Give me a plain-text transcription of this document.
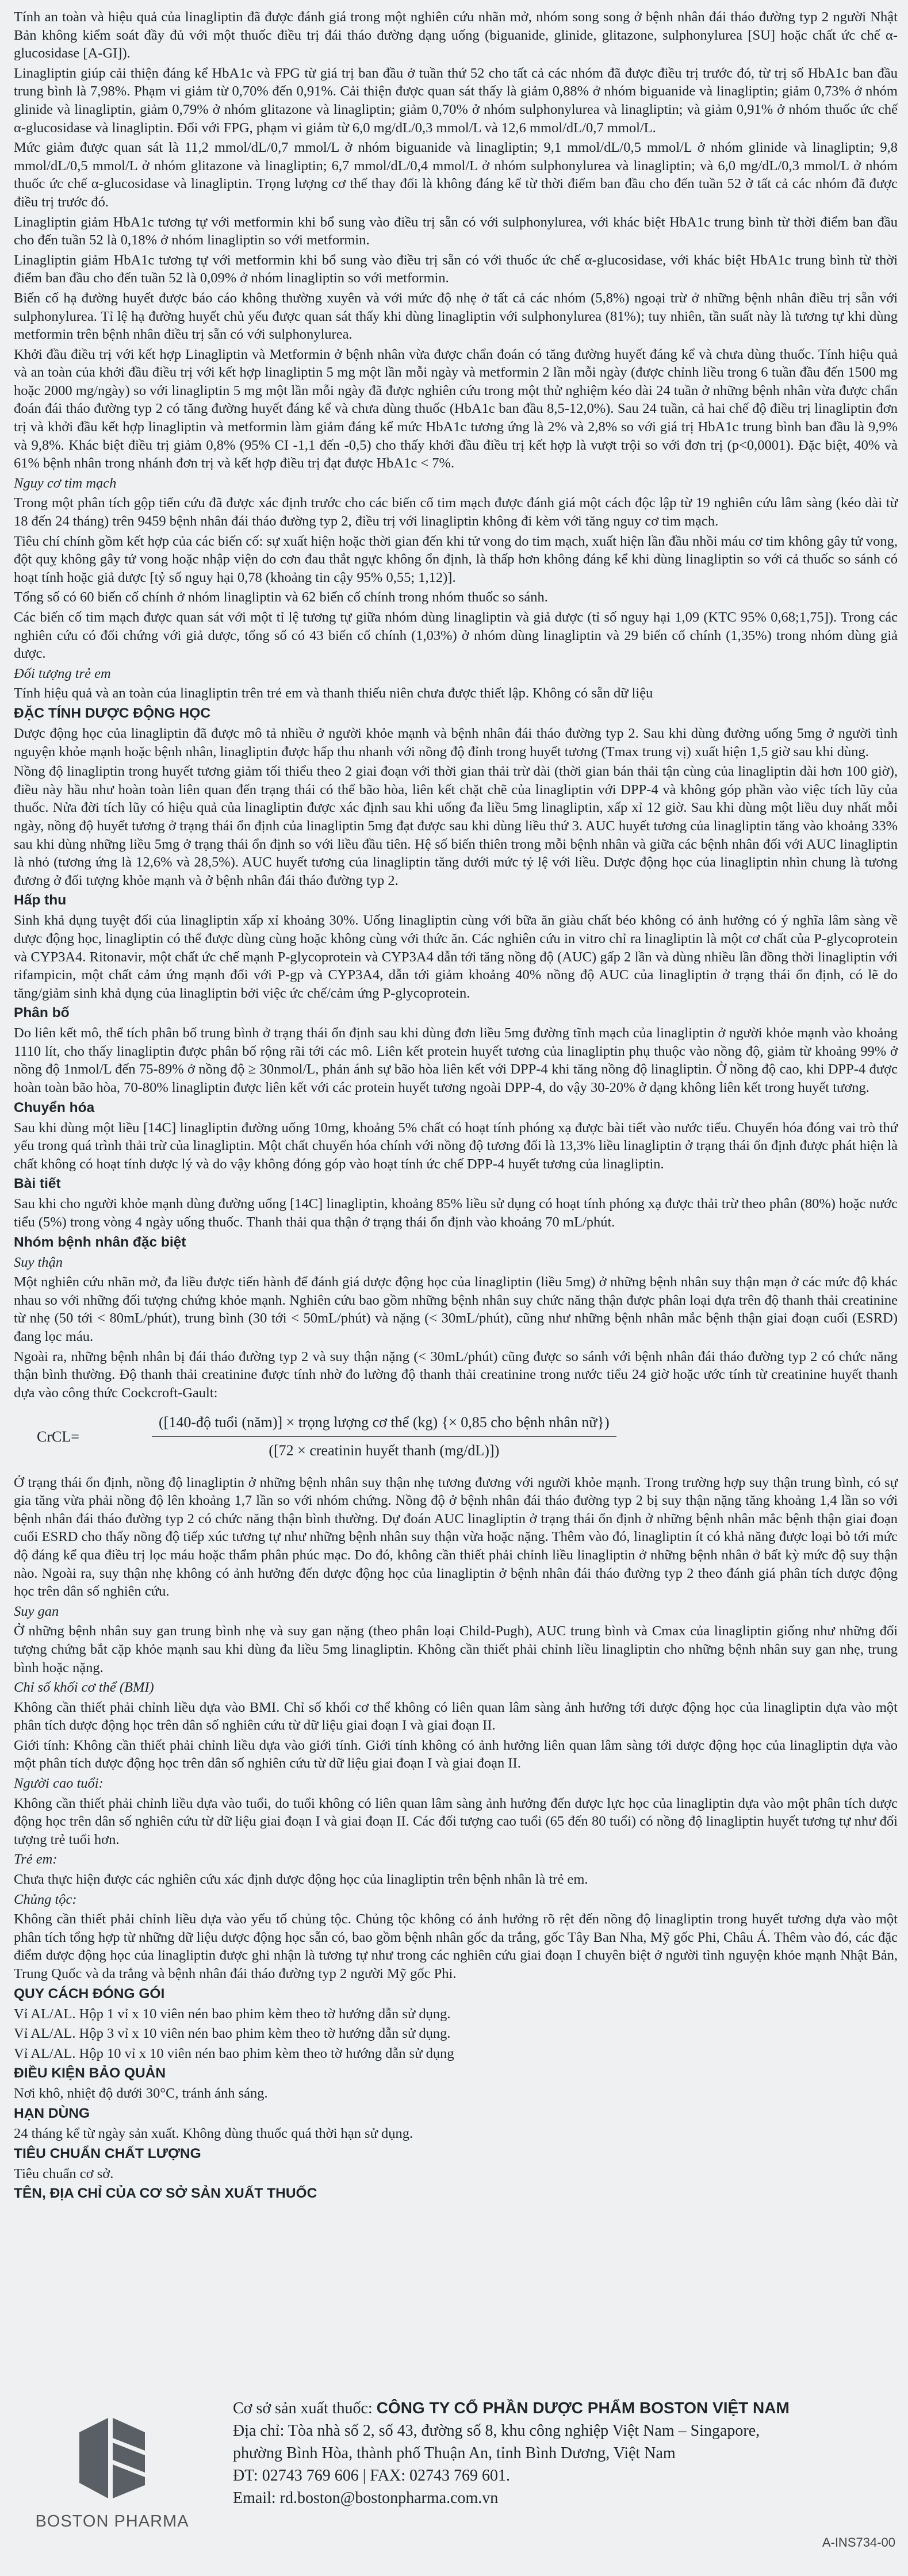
Tính an toàn và hiệu quả của linagliptin đã được đánh giá trong một nghiên cứu nhãn mở, nhóm song song ở bệnh nhân đái tháo đường typ 2 người Nhật Bản không kiểm soát đầy đủ với một thuốc điều trị đái tháo đường dạng uống (biguanide, glinide, glitazone, sulphonylurea [SU] hoặc chất ức chế α-glucosidase [A-GI]).

Linagliptin giúp cải thiện đáng kể HbA1c và FPG từ giá trị ban đầu ở tuần thứ 52 cho tất cả các nhóm đã được điều trị trước đó, từ trị số HbA1c ban đầu trung bình là 7,98%. Phạm vi giảm từ 0,70% đến 0,91%. Cải thiện được quan sát thấy là giảm 0,88% ở nhóm biguanide và linagliptin; giảm 0,73% ở nhóm glinide và linagliptin, giảm 0,79% ở nhóm glitazone và linagliptin; giảm 0,70% ở nhóm sulphonylurea và linagliptin; và giảm 0,91% ở nhóm thuốc ức chế α-glucosidase và linagliptin. Đối với FPG, phạm vi giảm từ 6,0 mg/dL/0,3 mmol/L và 12,6 mmol/dL/0,7 mmol/L.

Mức giảm được quan sát là 11,2 mmol/dL/0,7 mmol/L ở nhóm biguanide và linagliptin; 9,1 mmol/dL/0,5 mmol/L ở nhóm glinide và linagliptin; 9,8 mmol/dL/0,5 mmol/L ở nhóm glitazone và linagliptin; 6,7 mmol/dL/0,4 mmol/L ở nhóm sulphonylurea và linagliptin; và 6,0 mg/dL/0,3 mmol/L ở nhóm thuốc ức chế α-glucosidase và linagliptin. Trọng lượng cơ thể thay đổi là không đáng kể từ thời điểm ban đầu cho đến tuần 52 ở tất cả các nhóm đã được điều trị trước đó.

Linagliptin giảm HbA1c tương tự với metformin khi bổ sung vào điều trị sẵn có với sulphonylurea, với khác biệt HbA1c trung bình từ thời điểm ban đầu cho đến tuần 52 là 0,18% ở nhóm linagliptin so với metformin.

Linagliptin giảm HbA1c tương tự với metformin khi bổ sung vào điều trị sẵn có với thuốc ức chế α-glucosidase, với khác biệt HbA1c trung bình từ thời điểm ban đầu cho đến tuần 52 là 0,09% ở nhóm linagliptin so với metformin.

Biến cố hạ đường huyết được báo cáo không thường xuyên và với mức độ nhẹ ở tất cả các nhóm (5,8%) ngoại trừ ở những bệnh nhân điều trị sẵn với sulphonylurea. Tỉ lệ hạ đường huyết chủ yếu được quan sát thấy khi dùng linagliptin với sulphonylurea (81%); tuy nhiên, tần suất này là tương tự khi dùng metformin trên bệnh nhân điều trị sẵn có với sulphonylurea.

Khởi đầu điều trị với kết hợp Linagliptin và Metformin ở bệnh nhân vừa được chẩn đoán có tăng đường huyết đáng kể và chưa dùng thuốc. Tính hiệu quả và an toàn của khởi đầu điều trị với kết hợp linagliptin 5 mg một lần mỗi ngày và metformin 2 lần mỗi ngày (được chỉnh liều trong 6 tuần đầu đến 1500 mg hoặc 2000 mg/ngày) so với linagliptin 5 mg một lần mỗi ngày đã được nghiên cứu trong một thử nghiệm kéo dài 24 tuần ở những bệnh nhân vừa được chẩn đoán đái tháo đường typ 2 có tăng đường huyết đáng kể và chưa dùng thuốc (HbA1c ban đầu 8,5-12,0%). Sau 24 tuần, cả hai chế độ điều trị linagliptin đơn trị và khởi đầu kết hợp linagliptin và metformin làm giảm đáng kể mức HbA1c tương ứng là 2% và 2,8% so với giá trị HbA1c trung bình ban đầu là 9,9% và 9,8%. Khác biệt điều trị giảm 0,8% (95% CI -1,1 đến -0,5) cho thấy khởi đầu điều trị kết hợp là vượt trội so với đơn trị (p<0,0001). Đặc biệt, 40% và 61% bệnh nhân trong nhánh đơn trị và kết hợp điều trị đạt được HbA1c < 7%.

Nguy cơ tim mạch

Trong một phân tích gộp tiến cứu đã được xác định trước cho các biến cố tim mạch được đánh giá một cách độc lập từ 19 nghiên cứu lâm sàng (kéo dài từ 18 đến 24 tháng) trên 9459 bệnh nhân đái tháo đường typ 2, điều trị với linagliptin không đi kèm với tăng nguy cơ tim mạch.

Tiêu chí chính gồm kết hợp của các biến cố: sự xuất hiện hoặc thời gian đến khi tử vong do tim mạch, xuất hiện lần đầu nhồi máu cơ tim không gây tử vong, đột quỵ không gây tử vong hoặc nhập viện do cơn đau thắt ngực không ổn định, là thấp hơn không đáng kể khi dùng linagliptin so với cả thuốc so sánh có hoạt tính hoặc giả dược [tỷ số nguy hại 0,78 (khoảng tin cậy 95% 0,55; 1,12)].

Tổng số có 60 biến cố chính ở nhóm linagliptin và 62 biến cố chính trong nhóm thuốc so sánh.

Các biến cố tim mạch được quan sát với một tỉ lệ tương tự giữa nhóm dùng linagliptin và giả dược (tỉ số nguy hại 1,09 (KTC 95% 0,68;1,75]). Trong các nghiên cứu có đối chứng với giả dược, tổng số có 43 biến cố chính (1,03%) ở nhóm dùng linagliptin và 29 biến cố chính (1,35%) trong nhóm dùng giả dược.

Đối tượng trẻ em

Tính hiệu quả và an toàn của linagliptin trên trẻ em và thanh thiếu niên chưa được thiết lập. Không có sẵn dữ liệu

ĐẶC TÍNH DƯỢC ĐỘNG HỌC

Dược động học của linagliptin đã được mô tả nhiều ở người khỏe mạnh và bệnh nhân đái tháo đường typ 2. Sau khi dùng đường uống 5mg ở người tình nguyện khỏe mạnh hoặc bệnh nhân, linagliptin được hấp thu nhanh với nồng độ đỉnh trong huyết tương (Tmax trung vị) xuất hiện 1,5 giờ sau khi dùng.

Nồng độ linagliptin trong huyết tương giảm tối thiểu theo 2 giai đoạn với thời gian thải trừ dài (thời gian bán thải tận cùng của linagliptin dài hơn 100 giờ), điều này hầu như hoàn toàn liên quan đến trạng thái có thể bão hòa, liên kết chặt chẽ của linagliptin với DPP-4 và không góp phần vào việc tích lũy của thuốc. Nửa đời tích lũy có hiệu quả của linagliptin được xác định sau khi uống đa liều 5mg linagliptin, xấp xỉ 12 giờ. Sau khi dùng một liều duy nhất mỗi ngày, nồng độ huyết tương ở trạng thái ổn định của linagliptin 5mg đạt được sau khi dùng liều thứ 3. AUC huyết tương của linagliptin tăng vào khoảng 33% sau khi dùng những liều 5mg ở trạng thái ổn định so với liều đầu tiên. Hệ số biến thiên trong mỗi bệnh nhân và giữa các bệnh nhân đối với AUC linagliptin là nhỏ (tương ứng là 12,6% và 28,5%). AUC huyết tương của linagliptin tăng dưới mức tỷ lệ với liều. Dược động học của linagliptin nhìn chung là tương đương ở đối tượng khỏe mạnh và ở bệnh nhân đái tháo đường typ 2.

Hấp thu

Sinh khả dụng tuyệt đối của linagliptin xấp xỉ khoảng 30%. Uống linagliptin cùng với bữa ăn giàu chất béo không có ảnh hưởng có ý nghĩa lâm sàng về dược động học, linagliptin có thể được dùng cùng hoặc không cùng với thức ăn. Các nghiên cứu in vitro chỉ ra linagliptin là một cơ chất của P-glycoprotein và CYP3A4. Ritonavir, một chất ức chế mạnh P-glycoprotein và CYP3A4 dẫn tới tăng nồng độ (AUC) gấp 2 lần và dùng nhiều lần đồng thời linagliptin với rifampicin, một chất cảm ứng mạnh đối với P-gp và CYP3A4, dẫn tới giảm khoảng 40% nồng độ AUC của linagliptin ở trạng thái ổn định, có lẽ do tăng/giảm sinh khả dụng của linagliptin bởi việc ức chế/cảm ứng P-glycoprotein.

Phân bố

Do liên kết mô, thể tích phân bố trung bình ở trạng thái ổn định sau khi dùng đơn liều 5mg đường tĩnh mạch của linagliptin ở người khỏe mạnh vào khoảng 1110 lít, cho thấy linagliptin được phân bố rộng rãi tới các mô. Liên kết protein huyết tương của linagliptin phụ thuộc vào nồng độ, giảm từ khoảng 99% ở nồng độ 1nmol/L đến 75-89% ở nồng độ ≥ 30nmol/L, phản ánh sự bão hòa liên kết với DPP-4 khi tăng nồng độ linagliptin. Ở nồng độ cao, khi DPP-4 được hoàn toàn bão hòa, 70-80% linagliptin được liên kết với các protein huyết tương ngoài DPP-4, do vậy 30-20% ở dạng không liên kết trong huyết tương.

Chuyển hóa

Sau khi dùng một liều [14C] linagliptin đường uống 10mg, khoảng 5% chất có hoạt tính phóng xạ được bài tiết vào nước tiểu. Chuyển hóa đóng vai trò thứ yếu trong quá trình thải trừ của linagliptin. Một chất chuyển hóa chính với nồng độ tương đối là 13,3% liều linagliptin ở trạng thái ổn định được phát hiện là chất không có hoạt tính dược lý và do vậy không đóng góp vào hoạt tính ức chế DPP-4 huyết tương của linagliptin.

Bài tiết

Sau khi cho người khỏe mạnh dùng đường uống [14C] linagliptin, khoảng 85% liều sử dụng có hoạt tính phóng xạ được thải trừ theo phân (80%) hoặc nước tiểu (5%) trong vòng 4 ngày uống thuốc. Thanh thải qua thận ở trạng thái ổn định vào khoảng 70 mL/phút.

Nhóm bệnh nhân đặc biệt

Suy thận

Một nghiên cứu nhãn mở, đa liều được tiến hành để đánh giá dược động học của linagliptin (liều 5mg) ở những bệnh nhân suy thận mạn ở các mức độ khác nhau so với những đối tượng chứng khỏe mạnh. Nghiên cứu bao gồm những bệnh nhân suy chức năng thận được phân loại dựa trên độ thanh thải creatinine từ nhẹ (50 tới < 80mL/phút), trung bình (30 tới < 50mL/phút) và nặng (< 30mL/phút), cũng như những bệnh nhân mắc bệnh thận giai đoạn cuối (ESRD) đang lọc máu.

Ngoài ra, những bệnh nhân bị đái tháo đường typ 2 và suy thận nặng (< 30mL/phút) cũng được so sánh với bệnh nhân đái tháo đường typ 2 có chức năng thận bình thường. Độ thanh thải creatinine được tính nhờ đo lường độ thanh thải creatinine trong nước tiểu 24 giờ hoặc ước tính từ creatinine huyết thanh dựa vào công thức Cockcroft-Gault:

CrCL=
([140-độ tuổi (năm)] × trọng lượng cơ thể (kg) {× 0,85 cho bệnh nhân nữ})
([72 × creatinin huyết thanh (mg/dL)])

Ở trạng thái ổn định, nồng độ linagliptin ở những bệnh nhân suy thận nhẹ tương đương với người khỏe mạnh. Trong trường hợp suy thận trung bình, có sự gia tăng vừa phải nồng độ lên khoảng 1,7 lần so với nhóm chứng. Nồng độ ở bệnh nhân đái tháo đường typ 2 bị suy thận nặng tăng khoảng 1,4 lần so với bệnh nhân đái tháo đường typ 2 có chức năng thận bình thường. Dự đoán AUC linagliptin ở trạng thái ổn định ở những bệnh nhân mắc bệnh thận giai đoạn cuối ESRD cho thấy nồng độ tiếp xúc tương tự như những bệnh nhân suy thận vừa hoặc nặng. Thêm vào đó, linagliptin ít có khả năng được loại bỏ tới mức độ đáng kể qua điều trị lọc máu hoặc thẩm phân phúc mạc. Do đó, không cần thiết phải chỉnh liều linagliptin ở những bệnh nhân ở bất kỳ mức độ suy thận nào. Ngoài ra, suy thận nhẹ không có ảnh hưởng đến dược động học của linagliptin ở bệnh nhân đái tháo đường typ 2 theo đánh giá phân tích dược động học trên dân số nghiên cứu.

Suy gan

Ở những bệnh nhân suy gan trung bình nhẹ và suy gan nặng (theo phân loại Child-Pugh), AUC trung bình và Cmax của linagliptin giống như những đối tượng chứng bắt cặp khỏe mạnh sau khi dùng đa liều 5mg linagliptin. Không cần thiết phải chỉnh liều linagliptin cho những bệnh nhân suy gan nhẹ, trung bình hoặc nặng.

Chỉ số khối cơ thể (BMI)

Không cần thiết phải chỉnh liều dựa vào BMI. Chỉ số khối cơ thể không có liên quan lâm sàng ảnh hưởng tới dược động học của linagliptin dựa vào một phân tích dược động học trên dân số nghiên cứu từ dữ liệu giai đoạn I và giai đoạn II.

Giới tính: Không cần thiết phải chỉnh liều dựa vào giới tính. Giới tính không có ảnh hưởng liên quan lâm sàng tới dược động học của linagliptin dựa vào một phân tích dược động học trên dân số nghiên cứu từ dữ liệu giai đoạn I và giai đoạn II.

Người cao tuổi:

Không cần thiết phải chỉnh liều dựa vào tuổi, do tuổi không có liên quan lâm sàng ảnh hưởng đến dược lực học của linagliptin dựa vào một phân tích dược động học trên dân số nghiên cứu từ dữ liệu giai đoạn I và giai đoạn II. Các đối tượng cao tuổi (65 đến 80 tuổi) có nồng độ linagliptin huyết tương tự như đối tượng trẻ tuổi hơn.

Trẻ em:

Chưa thực hiện được các nghiên cứu xác định dược động học của linagliptin trên bệnh nhân là trẻ em.

Chủng tộc:

Không cần thiết phải chỉnh liều dựa vào yếu tố chủng tộc. Chủng tộc không có ảnh hưởng rõ rệt đến nồng độ linagliptin trong huyết tương dựa vào một phân tích tổng hợp từ những dữ liệu dược động học sẵn có, bao gồm bệnh nhân gốc da trắng, gốc Tây Ban Nha, Mỹ gốc Phi, Châu Á. Thêm vào đó, các đặc điểm dược động học của linagliptin được ghi nhận là tương tự như trong các nghiên cứu giai đoạn I chuyên biệt ở người tình nguyện khỏe mạnh Nhật Bản, Trung Quốc và da trắng và bệnh nhân đái tháo đường typ 2 người Mỹ gốc Phi.

QUY CÁCH ĐÓNG GÓI

Vỉ AL/AL. Hộp 1 vỉ x 10 viên nén bao phim kèm theo tờ hướng dẫn sử dụng.

Vỉ AL/AL. Hộp 3 vỉ x 10 viên nén bao phim kèm theo tờ hướng dẫn sử dụng.

Vỉ AL/AL. Hộp 10 vỉ x 10 viên nén bao phim kèm theo tờ hướng dẫn sử dụng

ĐIỀU KIỆN BẢO QUẢN

Nơi khô, nhiệt độ dưới 30°C, tránh ánh sáng.

HẠN DÙNG

24 tháng kể từ ngày sản xuất. Không dùng thuốc quá thời hạn sử dụng.

TIÊU CHUẨN CHẤT LƯỢNG

Tiêu chuẩn cơ sở.

TÊN, ĐỊA CHỈ CỦA CƠ SỞ SẢN XUẤT THUỐC

BOSTON PHARMA
Cơ sở sản xuất thuốc: CÔNG TY CỔ PHẦN DƯỢC PHẨM BOSTON VIỆT NAM
Địa chỉ: Tòa nhà số 2, số 43, đường số 8, khu công nghiệp Việt Nam – Singapore,
phường Bình Hòa, thành phố Thuận An, tỉnh Bình Dương, Việt Nam
ĐT: 02743 769 606 | FAX: 02743 769 601.
Email: rd.boston@bostonpharma.com.vn
A-INS734-00
